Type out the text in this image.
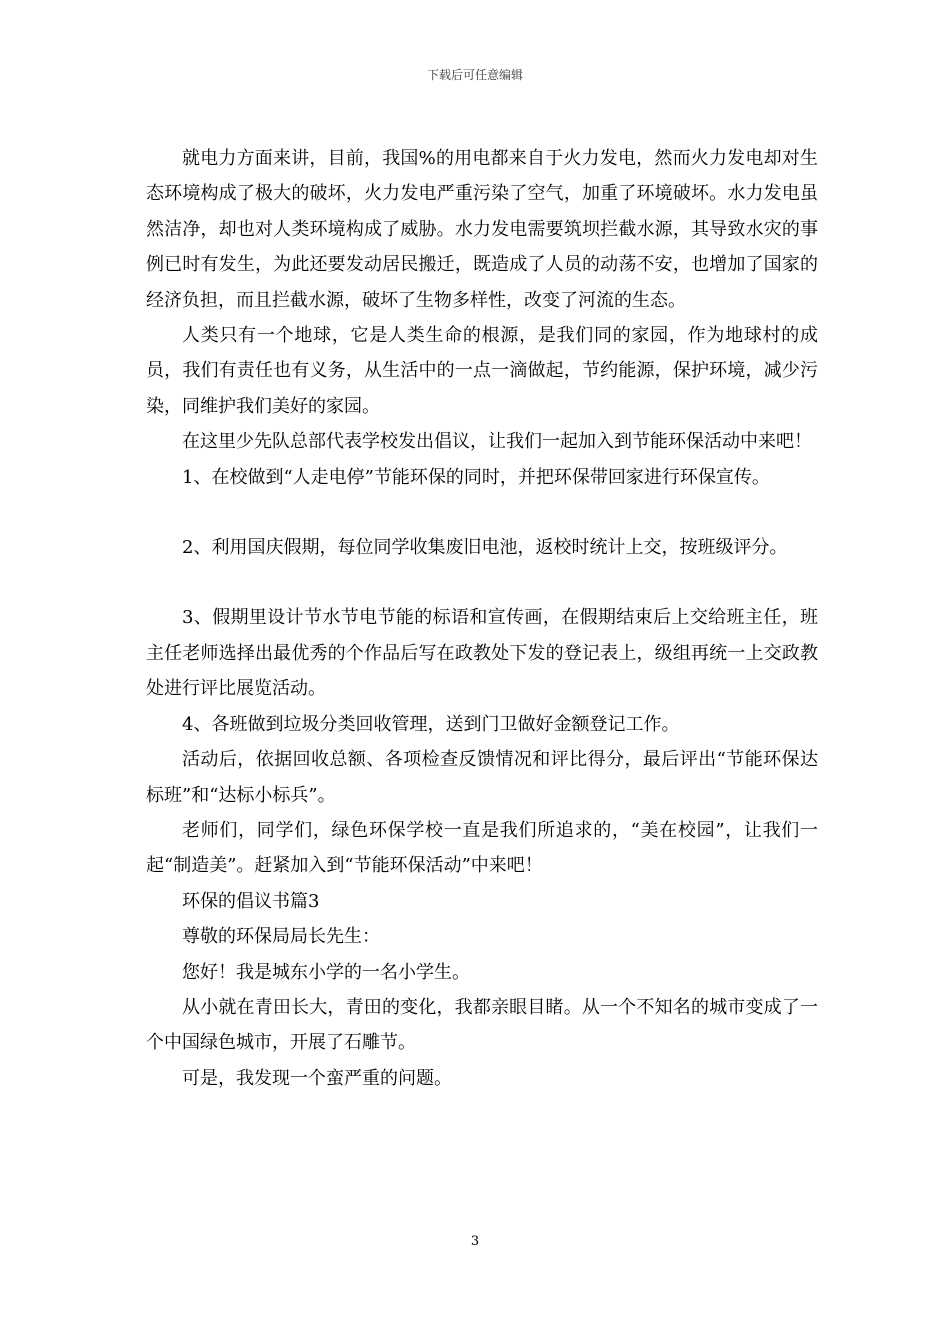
下载后可任意编辑

就电力方面来讲，目前，我国%的用电都来自于火力发电，然而火力发电却对生态环境构成了极大的破坏，火力发电严重污染了空气，加重了环境破坏。水力发电虽然洁净，却也对人类环境构成了威胁。水力发电需要筑坝拦截水源，其导致水灾的事例已时有发生，为此还要发动居民搬迁，既造成了人员的动荡不安，也增加了国家的经济负担，而且拦截水源，破坏了生物多样性，改变了河流的生态。

人类只有一个地球，它是人类生命的根源，是我们同的家园，作为地球村的成员，我们有责任也有义务，从生活中的一点一滴做起，节约能源，保护环境，减少污染，同维护我们美好的家园。

在这里少先队总部代表学校发出倡议，让我们一起加入到节能环保活动中来吧！

1、在校做到“人走电停”节能环保的同时，并把环保带回家进行环保宣传。

2、利用国庆假期，每位同学收集废旧电池，返校时统计上交，按班级评分。

3、假期里设计节水节电节能的标语和宣传画，在假期结束后上交给班主任，班主任老师选择出最优秀的个作品后写在政教处下发的登记表上，级组再统一上交政教处进行评比展览活动。

4、各班做到垃圾分类回收管理，送到门卫做好金额登记工作。

活动后，依据回收总额、各项检查反馈情况和评比得分，最后评出“节能环保达标班”和“达标小标兵”。

老师们，同学们，绿色环保学校一直是我们所追求的，“美在校园”，让我们一起“制造美”。赶紧加入到“节能环保活动”中来吧！

环保的倡议书篇3

尊敬的环保局局长先生：

您好！我是城东小学的一名小学生。

从小就在青田长大，青田的变化，我都亲眼目睹。从一个不知名的城市变成了一个中国绿色城市，开展了石雕节。

可是，我发现一个蛮严重的问题。

3
